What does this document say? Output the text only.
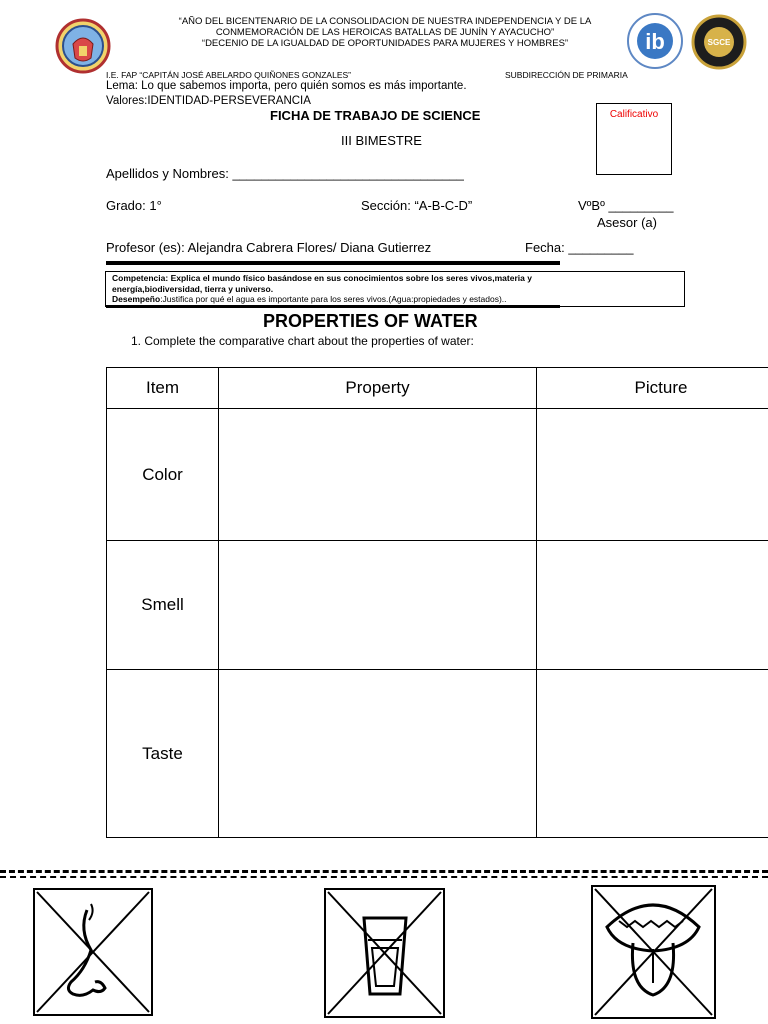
“AÑO DEL BICENTENARIO DE LA CONSOLIDACION DE NUESTRA INDEPENDENCIA Y DE LA
CONMEMORACIÓN DE LAS HEROICAS BATALLAS DE JUNÍN Y AYACUCHO”
“DECENIO DE LA IGUALDAD DE OPORTUNIDADES PARA MUJERES Y HOMBRES”	ib	SGCE
I.E. FAP “CAPITÁN JOSÉ ABELARDO QUIÑONES GONZALES”	SUBDIRECCIÓN DE PRIMARIA
Lema: Lo que sabemos importa, pero quién somos es más importante.
Valores:IDENTIDAD-PERSEVERANCIA
FICHA DE TRABAJO DE SCIENCE
III BIMESTRE
Calificativo
Apellidos y Nombres: ________________________________
Grado: 1°	Sección: “A-B-C-D”	VºBº _________
Asesor (a)
Profesor (es): Alejandra Cabrera Flores/ Diana Gutierrez	Fecha: _________
Competencia: Explica el mundo físico basándose en sus conocimientos sobre los seres vivos,materia y
energía,biodiversidad, tierra y universo.
Desempeño:Justifica por qué el agua es importante para los seres vivos.(Agua:propiedades y estados)..
PROPERTIES OF WATER
1. Complete the comparative chart about the properties of water:
Item	Property	Picture
Color		
Smell		
Taste		
